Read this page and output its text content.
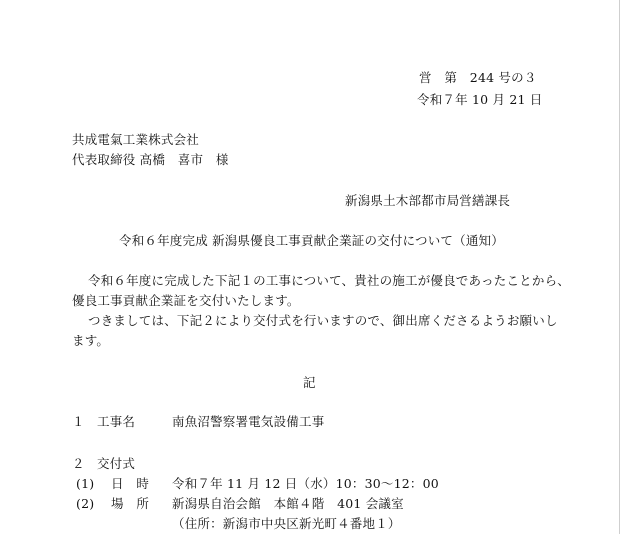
営　第　244 号の３
令和７年 10 月 21 日
共成電氣工業株式会社
代表取締役 高橋　喜市　様
新潟県土木部都市局営繕課長
令和６年度完成 新潟県優良工事貢献企業証の交付について（通知）
令和６年度に完成した下記１の工事について、貴社の施工が優良であったことから、
優良工事貢献企業証を交付いたします。
つきましては、下記２により交付式を行いますので、御出席くださるようお願いし
ます。
記
１ 工事名	南魚沼警察署電気設備工事
２ 交付式
(1) 日　時 令和７年 11 月 12 日（水）10：30～12：00
(2) 場　所 新潟県自治会館　本館４階　401 会議室
（住所：新潟市中央区新光町４番地１）
